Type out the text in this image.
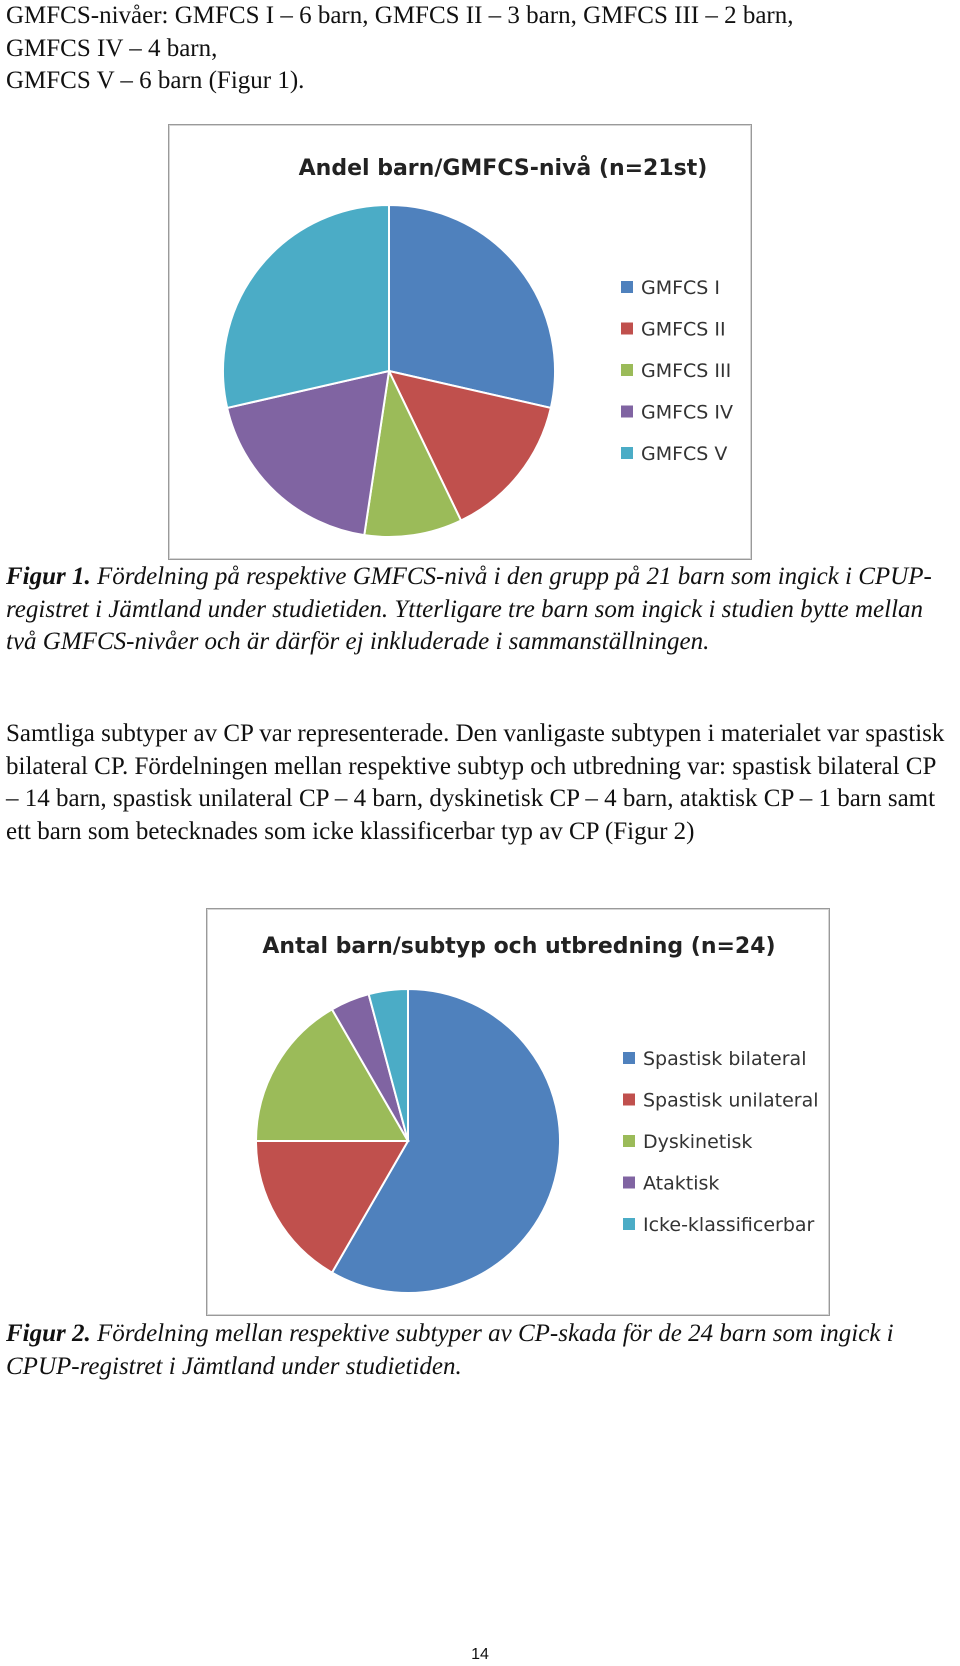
GMFCS-nivåer: GMFCS I – 6 barn, GMFCS II – 3 barn, GMFCS III – 2 barn,
GMFCS IV – 4 barn,
GMFCS V – 6 barn (Figur 1).

Andel barn/GMFCS-nivå (n=21st)
GMFCS I
GMFCS II
GMFCS III
GMFCS IV
GMFCS V

Figur 1. Fördelning på respektive GMFCS-nivå i den grupp på 21 barn som ingick i CPUP-registret i Jämtland under studietiden. Ytterligare tre barn som ingick i studien bytte mellan två GMFCS-nivåer och är därför ej inkluderade i sammanställningen.

Samtliga subtyper av CP var representerade. Den vanligaste subtypen i materialet var spastisk bilateral CP. Fördelningen mellan respektive subtyp och utbredning var: spastisk bilateral CP – 14 barn, spastisk unilateral CP – 4 barn, dyskinetisk CP – 4 barn, ataktisk CP – 1 barn samt ett barn som betecknades som icke klassificerbar typ av CP (Figur 2)

Antal barn/subtyp och utbredning (n=24)
Spastisk bilateral
Spastisk unilateral
Dyskinetisk
Ataktisk
Icke-klassificerbar

Figur 2. Fördelning mellan respektive subtyper av CP-skada för de 24 barn som ingick i CPUP-registret i Jämtland under studietiden.

14
